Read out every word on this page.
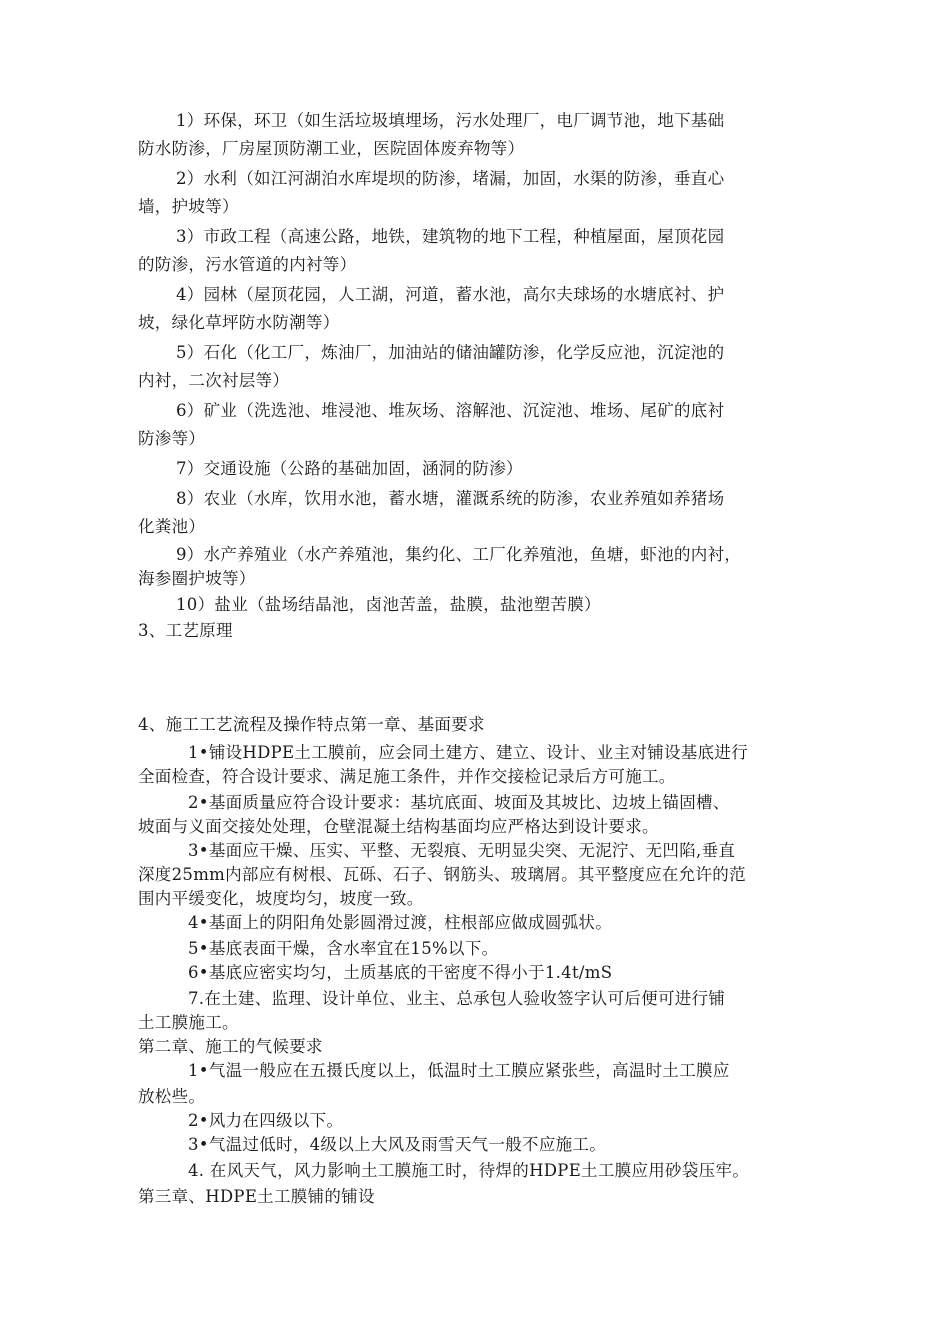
1）环保，环卫（如生活垃圾填埋场，污水处理厂，电厂调节池，地下基础
防水防渗，厂房屋顶防潮工业，医院固体废弃物等）
2）水利（如江河湖泊水库堤坝的防渗，堵漏，加固，水渠的防渗，垂直心
墙，护坡等）
3）市政工程（高速公路，地铁，建筑物的地下工程，种植屋面，屋顶花园
的防渗，污水管道的内衬等）
4）园林（屋顶花园，人工湖，河道，蓄水池，高尔夫球场的水塘底衬、护
坡，绿化草坪防水防潮等）
5）石化（化工厂，炼油厂，加油站的储油罐防渗，化学反应池，沉淀池的
内衬，二次衬层等）
6）矿业（洗选池、堆浸池、堆灰场、溶解池、沉淀池、堆场、尾矿的底衬
防渗等）
7）交通设施（公路的基础加固，涵洞的防渗）
8）农业（水库，饮用水池，蓄水塘，灌溉系统的防渗，农业养殖如养猪场
化粪池）
9）水产养殖业（水产养殖池，集约化、工厂化养殖池，鱼塘，虾池的内衬，
海参圈护坡等）
10）盐业（盐场结晶池，卤池苦盖，盐膜，盐池塑苦膜）
3、工艺原理
4、施工工艺流程及操作特点第一章、基面要求
1•铺设HDPE土工膜前，应会同土建方、建立、设计、业主对铺设基底进行
全面检查，符合设计要求、满足施工条件，并作交接检记录后方可施工。
2•基面质量应符合设计要求：基坑底面、坡面及其坡比、边坡上锚固槽、
坡面与义面交接处处理，仓壁混凝土结构基面均应严格达到设计要求。
3•基面应干燥、压实、平整、无裂痕、无明显尖突、无泥泞、无凹陷,垂直
深度25mm内部应有树根、瓦砾、石子、钢筋头、玻璃屑。其平整度应在允许的范
围内平缓变化，坡度均匀，坡度一致。
4•基面上的阴阳角处影圆滑过渡，柱根部应做成圆弧状。
5•基底表面干燥，含水率宜在15%以下。
6•基底应密实均匀，土质基底的干密度不得小于1.4t/mS
7.在土建、监理、设计单位、业主、总承包人验收签字认可后便可进行铺
土工膜施工。
第二章、施工的气候要求
1•气温一般应在五摄氏度以上，低温时土工膜应紧张些，高温时土工膜应
放松些。
2•风力在四级以下。
3•气温过低时，4级以上大风及雨雪天气一般不应施工。
4. 在风天气，风力影响土工膜施工时，待焊的HDPE土工膜应用砂袋压牢。
第三章、HDPE土工膜铺的铺设
